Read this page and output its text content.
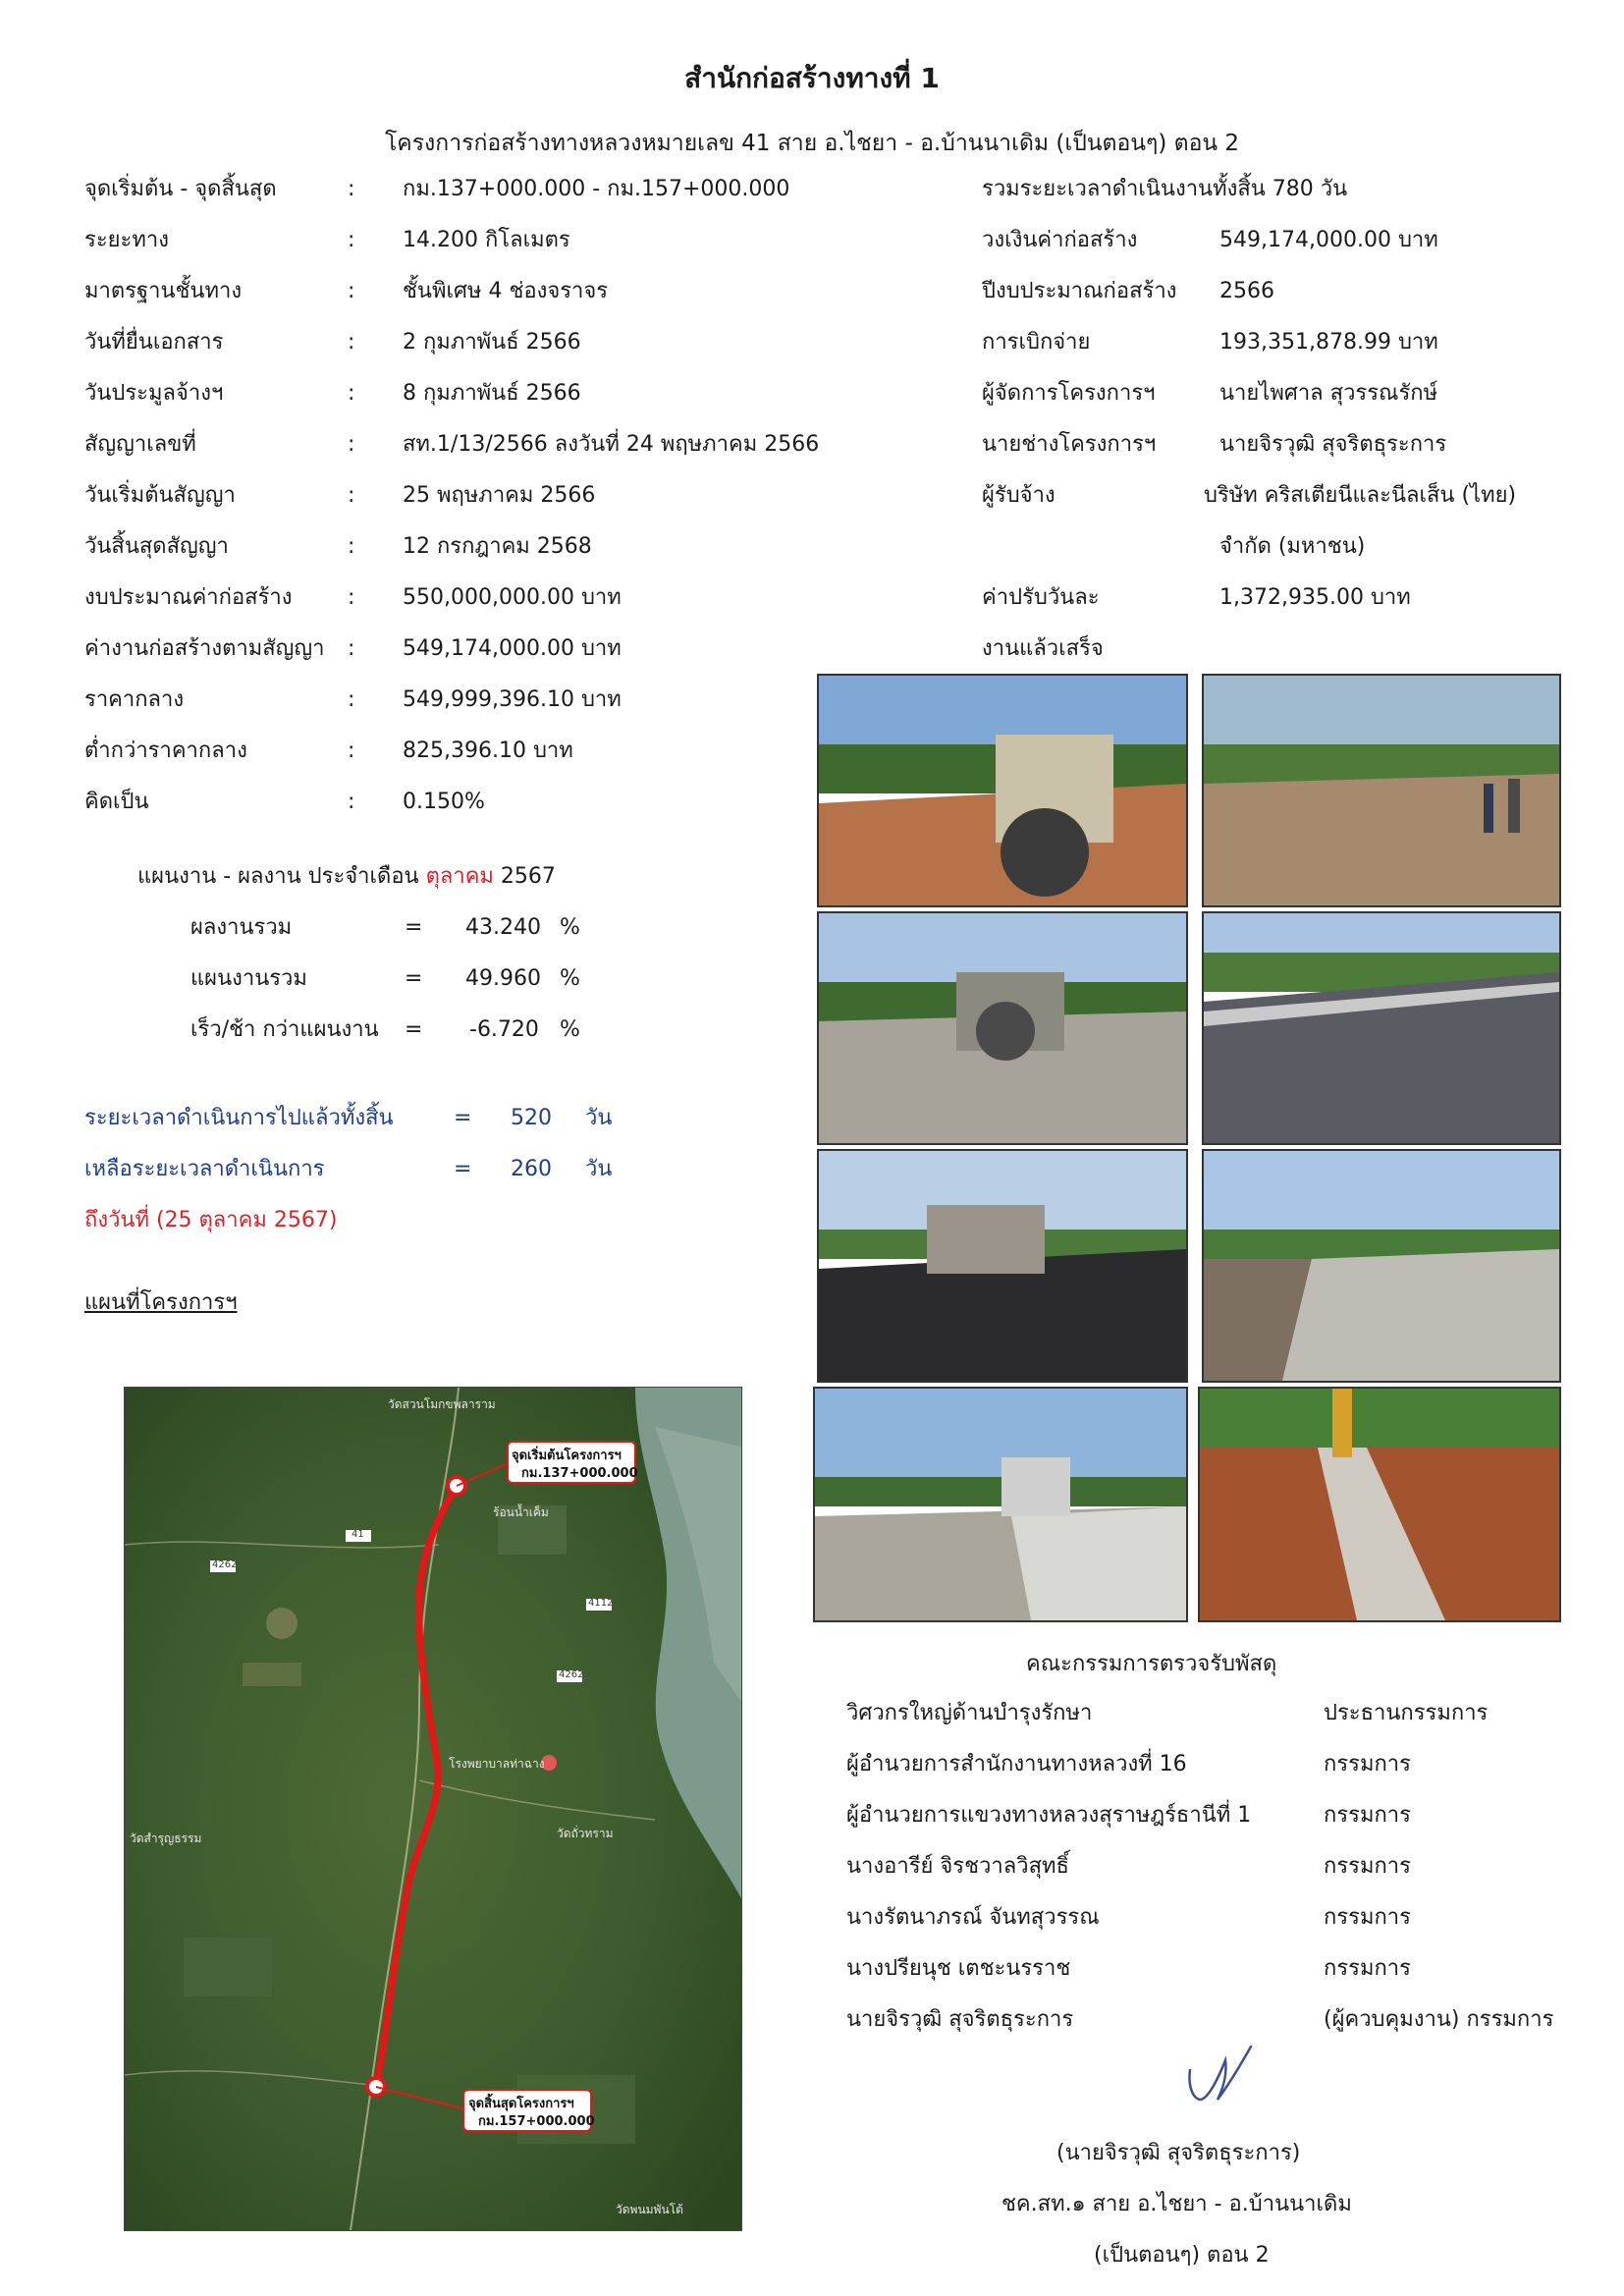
สำนักก่อสร้างทางที่ 1
โครงการก่อสร้างทางหลวงหมายเลข 41 สาย อ.ไชยา - อ.บ้านนาเดิม (เป็นตอนๆ) ตอน 2
จุดเริ่มต้น - จุดสิ้นสุด	: กม.137+000.000 - กม.157+000.000
ระยะทาง	: 14.200 กิโลเมตร
มาตรฐานชั้นทาง	: ชั้นพิเศษ 4 ช่องจราจร
วันที่ยื่นเอกสาร	: 2 กุมภาพันธ์ 2566
วันประมูลจ้างฯ	: 8 กุมภาพันธ์ 2566
สัญญาเลขที่	: สท.1/13/2566 ลงวันที่ 24 พฤษภาคม 2566
วันเริ่มต้นสัญญา	: 25 พฤษภาคม 2566
วันสิ้นสุดสัญญา	: 12 กรกฎาคม 2568
งบประมาณค่าก่อสร้าง	: 550,000,000.00 บาท
ค่างานก่อสร้างตามสัญญา : 549,174,000.00 บาท
ราคากลาง	: 549,999,396.10 บาท
ต่ำกว่าราคากลาง	: 825,396.10 บาท
คิดเป็น	: 0.150%
รวมระยะเวลาดำเนินงานทั้งสิ้น 780 วัน
วงเงินค่าก่อสร้าง	549,174,000.00 บาท
ปีงบประมาณก่อสร้าง 2566
การเบิกจ่าย	193,351,878.99 บาท
ผู้จัดการโครงการฯ	นายไพศาล สุวรรณรักษ์
นายช่างโครงการฯ	นายจิรวุฒิ สุจริตธุระการ
ผู้รับจ้าง	บริษัท คริสเตียนีและนีลเส็น (ไทย)
จำกัด (มหาชน)
ค่าปรับวันละ	1,372,935.00 บาท
งานแล้วเสร็จ
แผนงาน - ผลงาน ประจำเดือน ตุลาคม 2567
ผลงานรวม	= 43.240 %
แผนงานรวม	= 49.960 %
เร็ว/ช้า กว่าแผนงาน = -6.720 %
ระยะเวลาดำเนินการไปแล้วทั้งสิ้น	= 520 วัน
เหลือระยะเวลาดำเนินการ	= 260 วัน
ถึงวันที่ (25 ตุลาคม 2567)
แผนที่โครงการฯ
จุดเริ่มต้นโครงการฯ
กม.137+000.000
จุดสิ้นสุดโครงการฯ
กม.157+000.000
วัดสวนโมกขพลาราม
ร้อนน้ำเค็ม
โรงพยาบาลท่าฉาง
วัดถั่วทราม
วัดสำรุญธรรม
วัดพนมพันโต้
4112
4262
4262
41
คณะกรรมการตรวจรับพัสดุ
วิศวกรใหญ่ด้านบำรุงรักษา	ประธานกรรมการ
ผู้อำนวยการสำนักงานทางหลวงที่ 16	กรรมการ
ผู้อำนวยการแขวงทางหลวงสุราษฎร์ธานีที่ 1	กรรมการ
นางอารีย์ จิรชวาลวิสุทธิ์	กรรมการ
นางรัตนาภรณ์ จันทสุวรรณ	กรรมการ
นางปรียนุช เตชะนรราช	กรรมการ
นายจิรวุฒิ สุจริตธุระการ	(ผู้ควบคุมงาน) กรรมการ
(นายจิรวุฒิ สุจริตธุระการ)
ชค.สท.๑ สาย อ.ไชยา - อ.บ้านนาเดิม
(เป็นตอนๆ) ตอน 2
